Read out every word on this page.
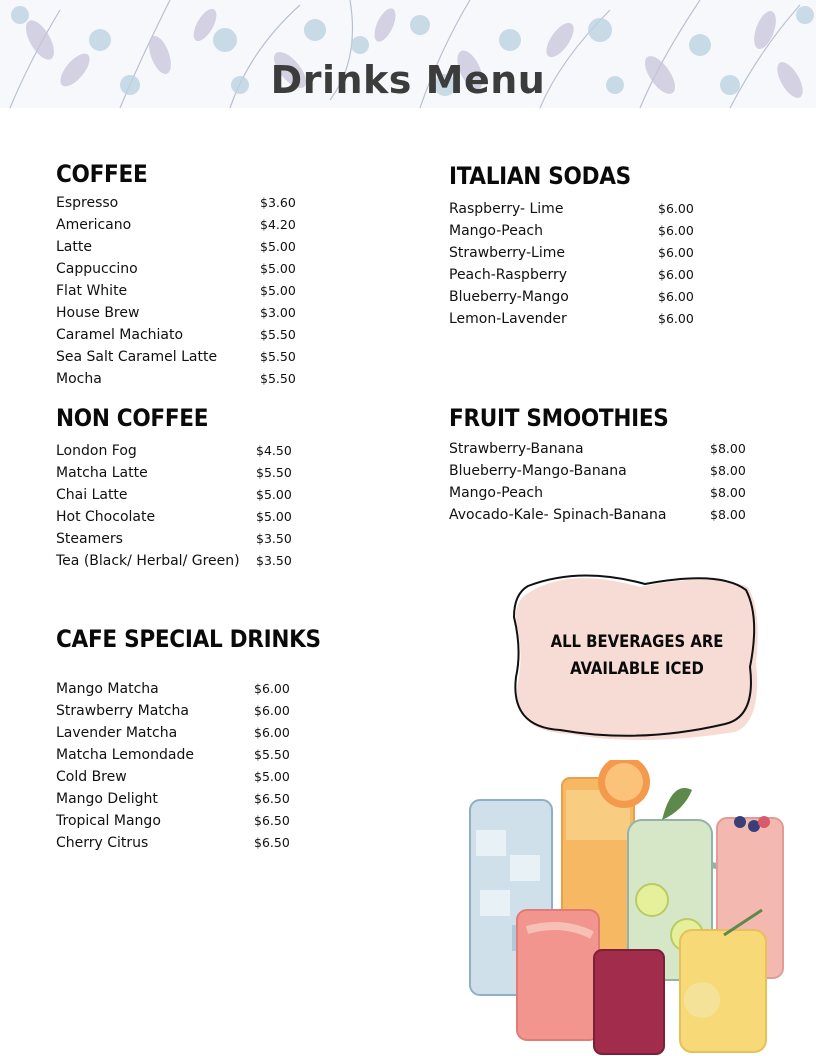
Drinks Menu
COFFEE
Espresso	$3.60
Americano	$4.20
Latte	$5.00
Cappuccino	$5.00
Flat White	$5.00
House Brew	$3.00
Caramel Machiato	$5.50
Sea Salt Caramel Latte	$5.50
Mocha	$5.50
NON COFFEE
London Fog	$4.50
Matcha Latte	$5.50
Chai Latte	$5.00
Hot Chocolate	$5.00
Steamers	$3.50
Tea (Black/ Herbal/ Green) $3.50
CAFE SPECIAL DRINKS
Mango Matcha	$6.00
Strawberry Matcha	$6.00
Lavender Matcha	$6.00
Matcha Lemondade	$5.50
Cold Brew	$5.00
Mango Delight	$6.50
Tropical Mango	$6.50
Cherry Citrus	$6.50
ITALIAN SODAS
Raspberry- Lime	$6.00
Mango-Peach	$6.00
Strawberry-Lime	$6.00
Peach-Raspberry	$6.00
Blueberry-Mango	$6.00
Lemon-Lavender	$6.00
FRUIT SMOOTHIES
Strawberry-Banana	$8.00
Blueberry-Mango-Banana	$8.00
Mango-Peach	$8.00
Avocado-Kale- Spinach-Banana	$8.00
ALL BEVERAGES ARE AVAILABLE ICED
